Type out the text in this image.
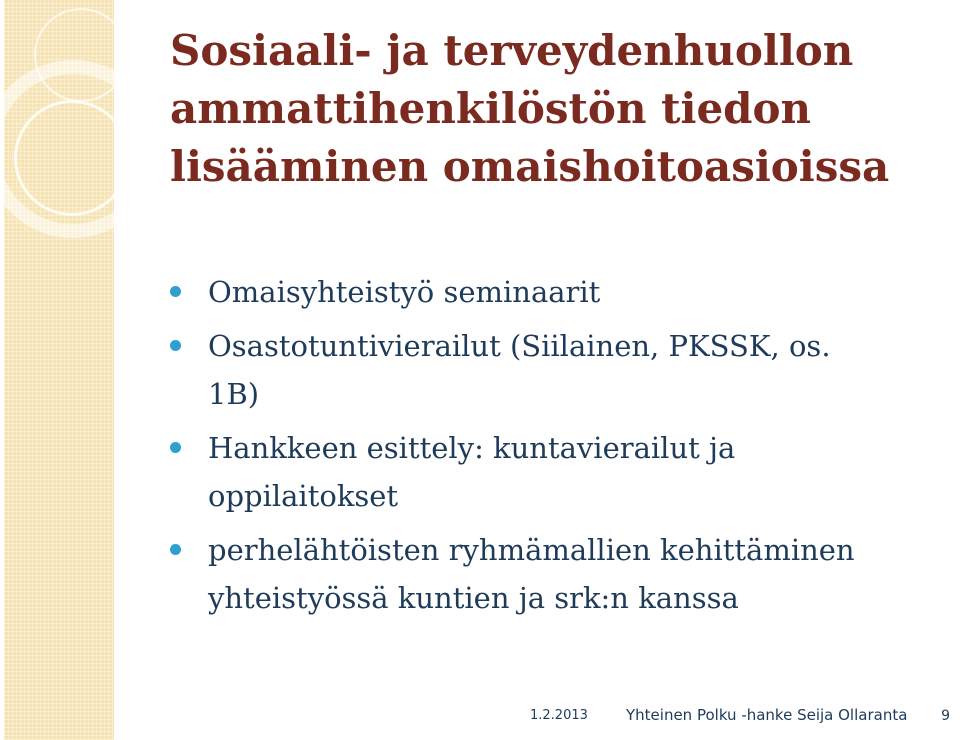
Sosiaali- ja terveydenhuollon
ammattihenkilöstön tiedon
lisääminen omaishoitoasioissa
Omaisyhteistyö seminaarit
Osastotuntivierailut (Siilainen, PKSSK, os.
1B)
Hankkeen esittely: kuntavierailut ja
oppilaitokset
perhelähtöisten ryhmämallien kehittäminen
yhteistyössä kuntien ja srk:n kanssa
1.2.2013	Yhteinen Polku -hanke Seija Ollaranta 9
